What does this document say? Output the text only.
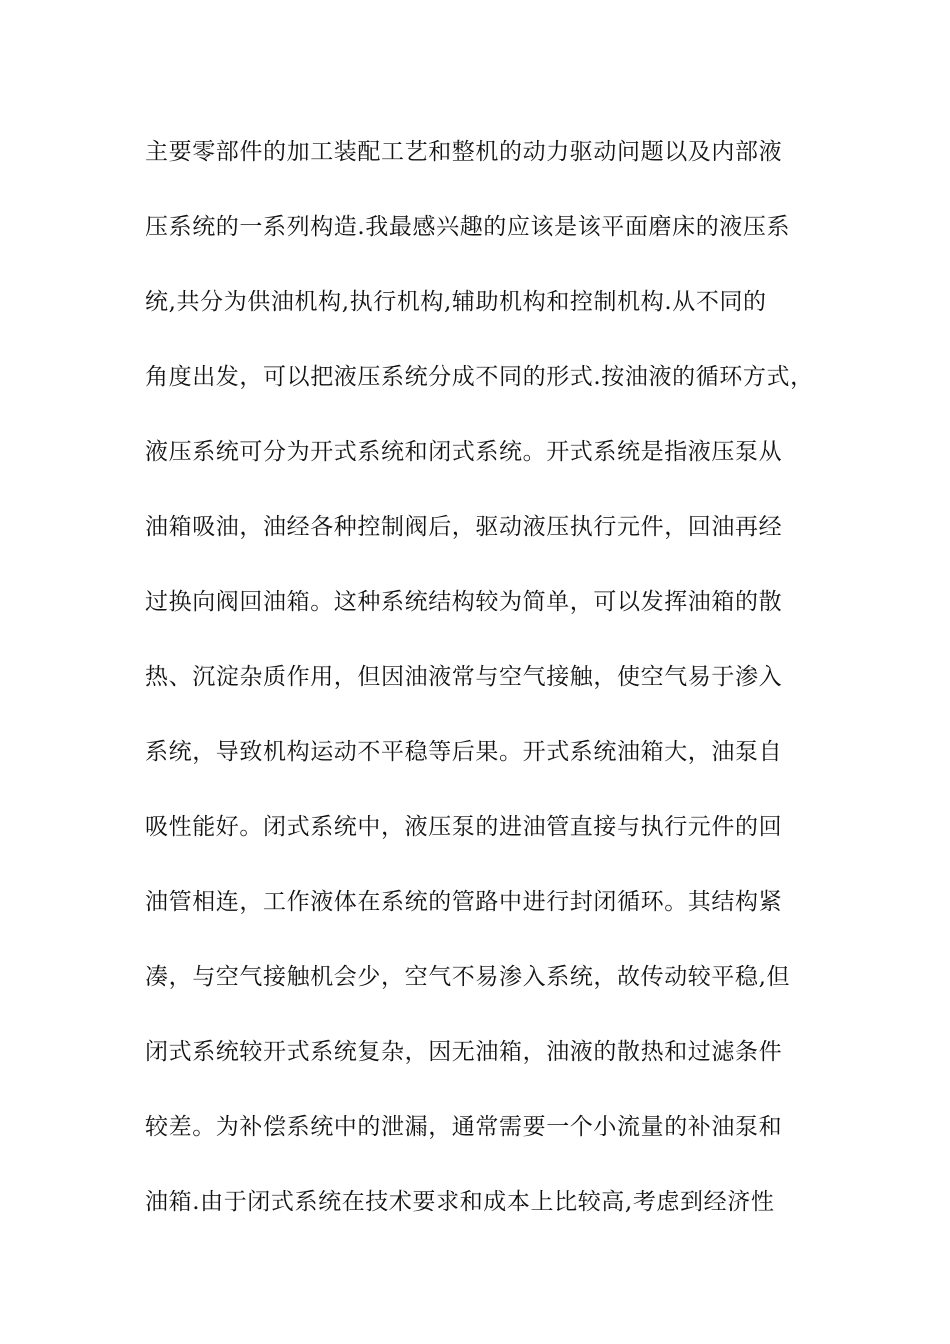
主要零部件的加工装配工艺和整机的动力驱动问题以及内部液
压系统的一系列构造.我最感兴趣的应该是该平面磨床的液压系
统,共分为供油机构,执行机构,辅助机构和控制机构.从不同的
角度出发，可以把液压系统分成不同的形式.按油液的循环方式，
液压系统可分为开式系统和闭式系统。开式系统是指液压泵从
油箱吸油，油经各种控制阀后，驱动液压执行元件，回油再经
过换向阀回油箱。这种系统结构较为简单，可以发挥油箱的散
热、沉淀杂质作用，但因油液常与空气接触，使空气易于渗入
系统，导致机构运动不平稳等后果。开式系统油箱大，油泵自
吸性能好。闭式系统中，液压泵的进油管直接与执行元件的回
油管相连，工作液体在系统的管路中进行封闭循环。其结构紧
凑，与空气接触机会少，空气不易渗入系统，故传动较平稳,但
闭式系统较开式系统复杂，因无油箱，油液的散热和过滤条件
较差。为补偿系统中的泄漏，通常需要一个小流量的补油泵和
油箱.由于闭式系统在技术要求和成本上比较高,考虑到经济性
